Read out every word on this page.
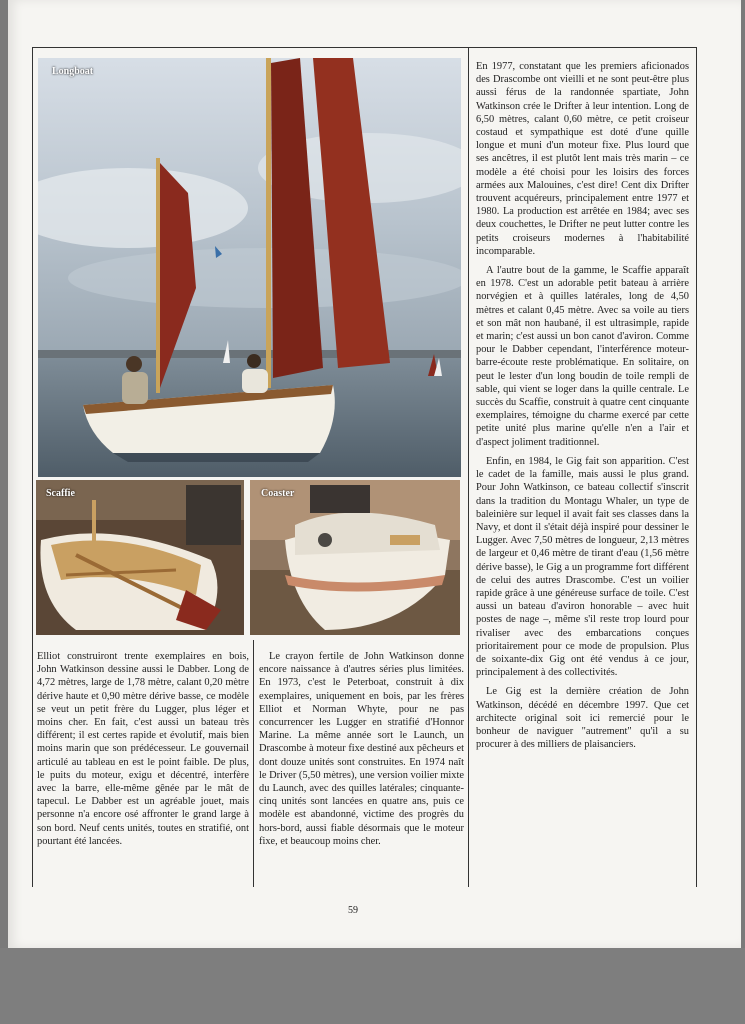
Longboat
Scaffie	Coaster

En 1977, constatant que les premiers aficionados des Drascombe ont vieilli et ne sont peut-être plus aussi férus de la randonnée spartiate, John Watkinson crée le Drifter à leur intention. Long de 6,50 mètres, calant 0,60 mètre, ce petit croiseur costaud et sympathique est doté d'une quille longue et muni d'un moteur fixe. Plus lourd que ses ancêtres, il est plutôt lent mais très marin – ce modèle a été choisi pour les loisirs des forces armées aux Malouines, c'est dire! Cent dix Drifter trouvent acquéreurs, principalement entre 1977 et 1980. La production est arrêtée en 1984; avec ses deux couchettes, le Drifter ne peut lutter contre les petits croiseurs modernes à l'habitabilité incomparable.

A l'autre bout de la gamme, le Scaffie apparaît en 1978. C'est un adorable petit bateau à arrière norvégien et à quilles latérales, long de 4,50 mètres et calant 0,45 mètre. Avec sa voile au tiers et son mât non haubané, il est ultrasimple, rapide et marin; c'est aussi un bon canot d'aviron. Comme pour le Dabber cependant, l'interférence moteur-barre-écoute reste problématique. En solitaire, on peut le lester d'un long boudin de toile rempli de sable, qui vient se loger dans la quille centrale. Le succès du Scaffie, construit à quatre cent cinquante exemplaires, témoigne du charme exercé par cette petite unité plus marine qu'elle n'en a l'air et d'aspect joliment traditionnel.

Enfin, en 1984, le Gig fait son apparition. C'est le cadet de la famille, mais aussi le plus grand. Pour John Watkinson, ce bateau collectif s'inscrit dans la tradition du Montagu Whaler, un type de baleinière sur lequel il avait fait ses classes dans la Navy, et dont il s'était déjà inspiré pour dessiner le Lugger. Avec 7,50 mètres de longueur, 2,13 mètres de largeur et 0,46 mètre de tirant d'eau (1,56 mètre dérive basse), le Gig a un programme fort différent de celui des autres Drascombe. C'est un voilier rapide grâce à une généreuse surface de toile. C'est aussi un bateau d'aviron honorable – avec huit postes de nage –, même s'il reste trop lourd pour rivaliser avec des embarcations conçues prioritairement pour ce mode de propulsion. Plus de soixante-dix Gig ont été vendus à ce jour, principalement à des collectivités.

Le Gig est la dernière création de John Watkinson, décédé en décembre 1997. Que cet architecte original soit ici remercié pour le bonheur de naviguer "autrement" qu'il a su procurer à des milliers de plaisanciers.

Elliot construiront trente exemplaires en bois, John Watkinson dessine aussi le Dabber. Long de 4,72 mètres, large de 1,78 mètre, calant 0,20 mètre dérive haute et 0,90 mètre dérive basse, ce modèle se veut un petit frère du Lugger, plus léger et moins cher. En fait, c'est aussi un bateau très différent; il est certes rapide et évolutif, mais bien moins marin que son prédécesseur. Le gouvernail articulé au tableau en est le point faible. De plus, le puits du moteur, exigu et décentré, interfère avec la barre, elle-même gênée par le mât de tapecul. Le Dabber est un agréable jouet, mais personne n'a encore osé affronter le grand large à son bord. Neuf cents unités, toutes en stratifié, ont pourtant été lancées.

Le crayon fertile de John Watkinson donne encore naissance à d'autres séries plus limitées. En 1973, c'est le Peterboat, construit à dix exemplaires, uniquement en bois, par les frères Elliot et Norman Whyte, pour ne pas concurrencer les Lugger en stratifié d'Honnor Marine. La même année sort le Launch, un Drascombe à moteur fixe destiné aux pêcheurs et dont douze unités sont construites. En 1974 naît le Driver (5,50 mètres), une version voilier mixte du Launch, avec des quilles latérales; cinquante-cinq unités sont lancées en quatre ans, puis ce modèle est abandonné, victime des progrès du hors-bord, aussi fiable désormais que le moteur fixe, et beaucoup moins cher.

59
